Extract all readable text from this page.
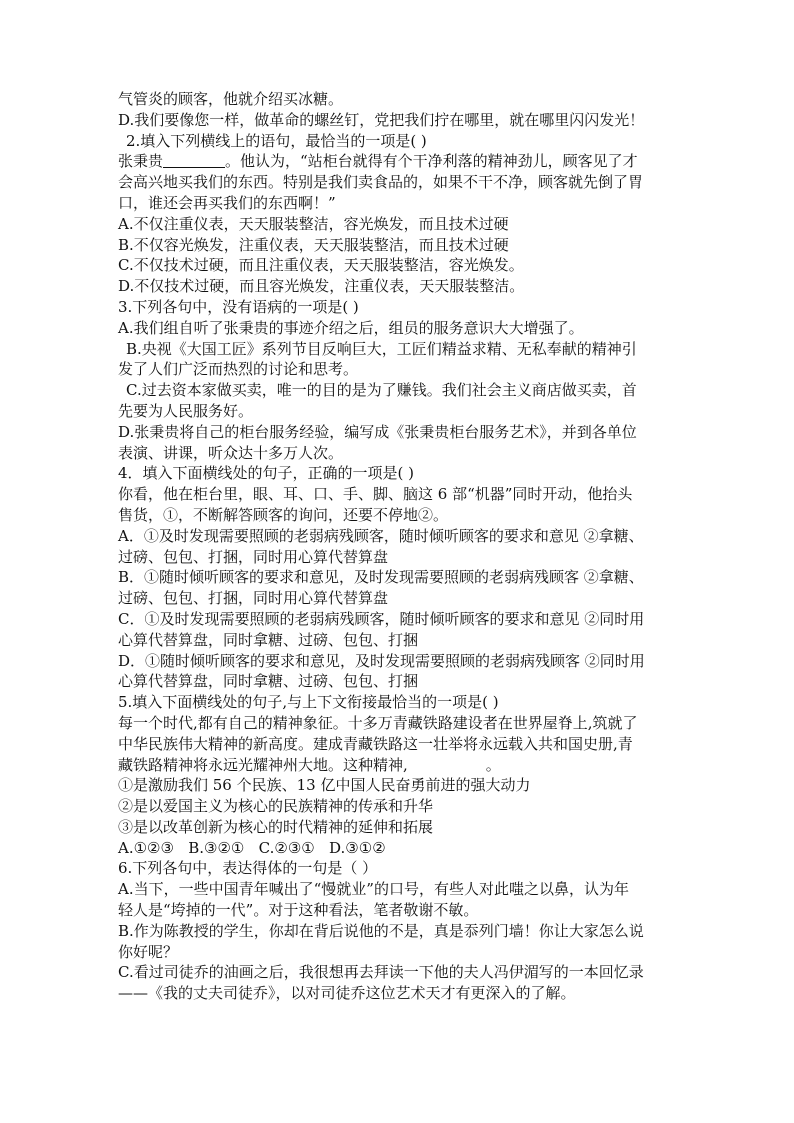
气管炎的顾客，他就介绍买冰糖。
D.我们要像您一样，做革命的螺丝钉，党把我们拧在哪里，就在哪里闪闪发光！
2.填入下列横线上的语句，最恰当的一项是( )
张秉贵	。他认为，“站柜台就得有个干净利落的精神劲儿，顾客见了才
会高兴地买我们的东西。特别是我们卖食品的，如果不干不净，顾客就先倒了胃
口，谁还会再买我们的东西啊！”
A.不仅注重仪表，天天服装整洁，容光焕发，而且技术过硬
B.不仅容光焕发，注重仪表，天天服装整洁，而且技术过硬
C.不仅技术过硬，而且注重仪表，天天服装整洁，容光焕发。
D.不仅技术过硬，而且容光焕发，注重仪表，天天服装整洁。
3.下列各句中，没有语病的一项是( )
A.我们组自听了张秉贵的事迹介绍之后，组员的服务意识大大增强了。
B.央视《大国工匠》系列节目反响巨大，工匠们精益求精、无私奉献的精神引
发了人们广泛而热烈的讨论和思考。
C.过去资本家做买卖，唯一的目的是为了赚钱。我们社会主义商店做买卖，首
先要为人民服务好。
D.张秉贵将自己的柜台服务经验，编写成《张秉贵柜台服务艺术》，并到各单位
表演、讲课，听众达十多万人次。
4．填入下面横线处的句子，正确的一项是( )
你看，他在柜台里，眼、耳、口、手、脚、脑这 6 部“机器”同时开动，他抬头
售货，①，不断解答顾客的询问，还要不停地②。
A．①及时发现需要照顾的老弱病残顾客，随时倾听顾客的要求和意见 ②拿糖、
过磅、包包、打捆，同时用心算代替算盘
B．①随时倾听顾客的要求和意见，及时发现需要照顾的老弱病残顾客 ②拿糖、
过磅、包包、打捆，同时用心算代替算盘
C．①及时发现需要照顾的老弱病残顾客，随时倾听顾客的要求和意见 ②同时用
心算代替算盘，同时拿糖、过磅、包包、打捆
D．①随时倾听顾客的要求和意见，及时发现需要照顾的老弱病残顾客 ②同时用
心算代替算盘，同时拿糖、过磅、包包、打捆
5.填入下面横线处的句子,与上下文衔接最恰当的一项是( )
每一个时代,都有自己的精神象征。十多万青藏铁路建设者在世界屋脊上,筑就了
中华民族伟大精神的新高度。建成青藏铁路这一壮举将永远载入共和国史册,青
藏铁路精神将永远光耀神州大地。这种精神,	。
①是激励我们 56 个民族、13 亿中国人民奋勇前进的强大动力
②是以爱国主义为核心的民族精神的传承和升华
③是以改革创新为核心的时代精神的延伸和拓展
A.①②③   B.③②①   C.②③①   D.③①②
6.下列各句中，表达得体的一句是（ ）
A.当下，一些中国青年喊出了“慢就业”的口号，有些人对此嗤之以鼻，认为年
轻人是“垮掉的一代”。对于这种看法，笔者敬谢不敏。
B.作为陈教授的学生，你却在背后说他的不是，真是忝列门墙！你让大家怎么说
你好呢？
C.看过司徒乔的油画之后，我很想再去拜读一下他的夫人冯伊湄写的一本回忆录
——《我的丈夫司徒乔》，以对司徒乔这位艺术天才有更深入的了解。
